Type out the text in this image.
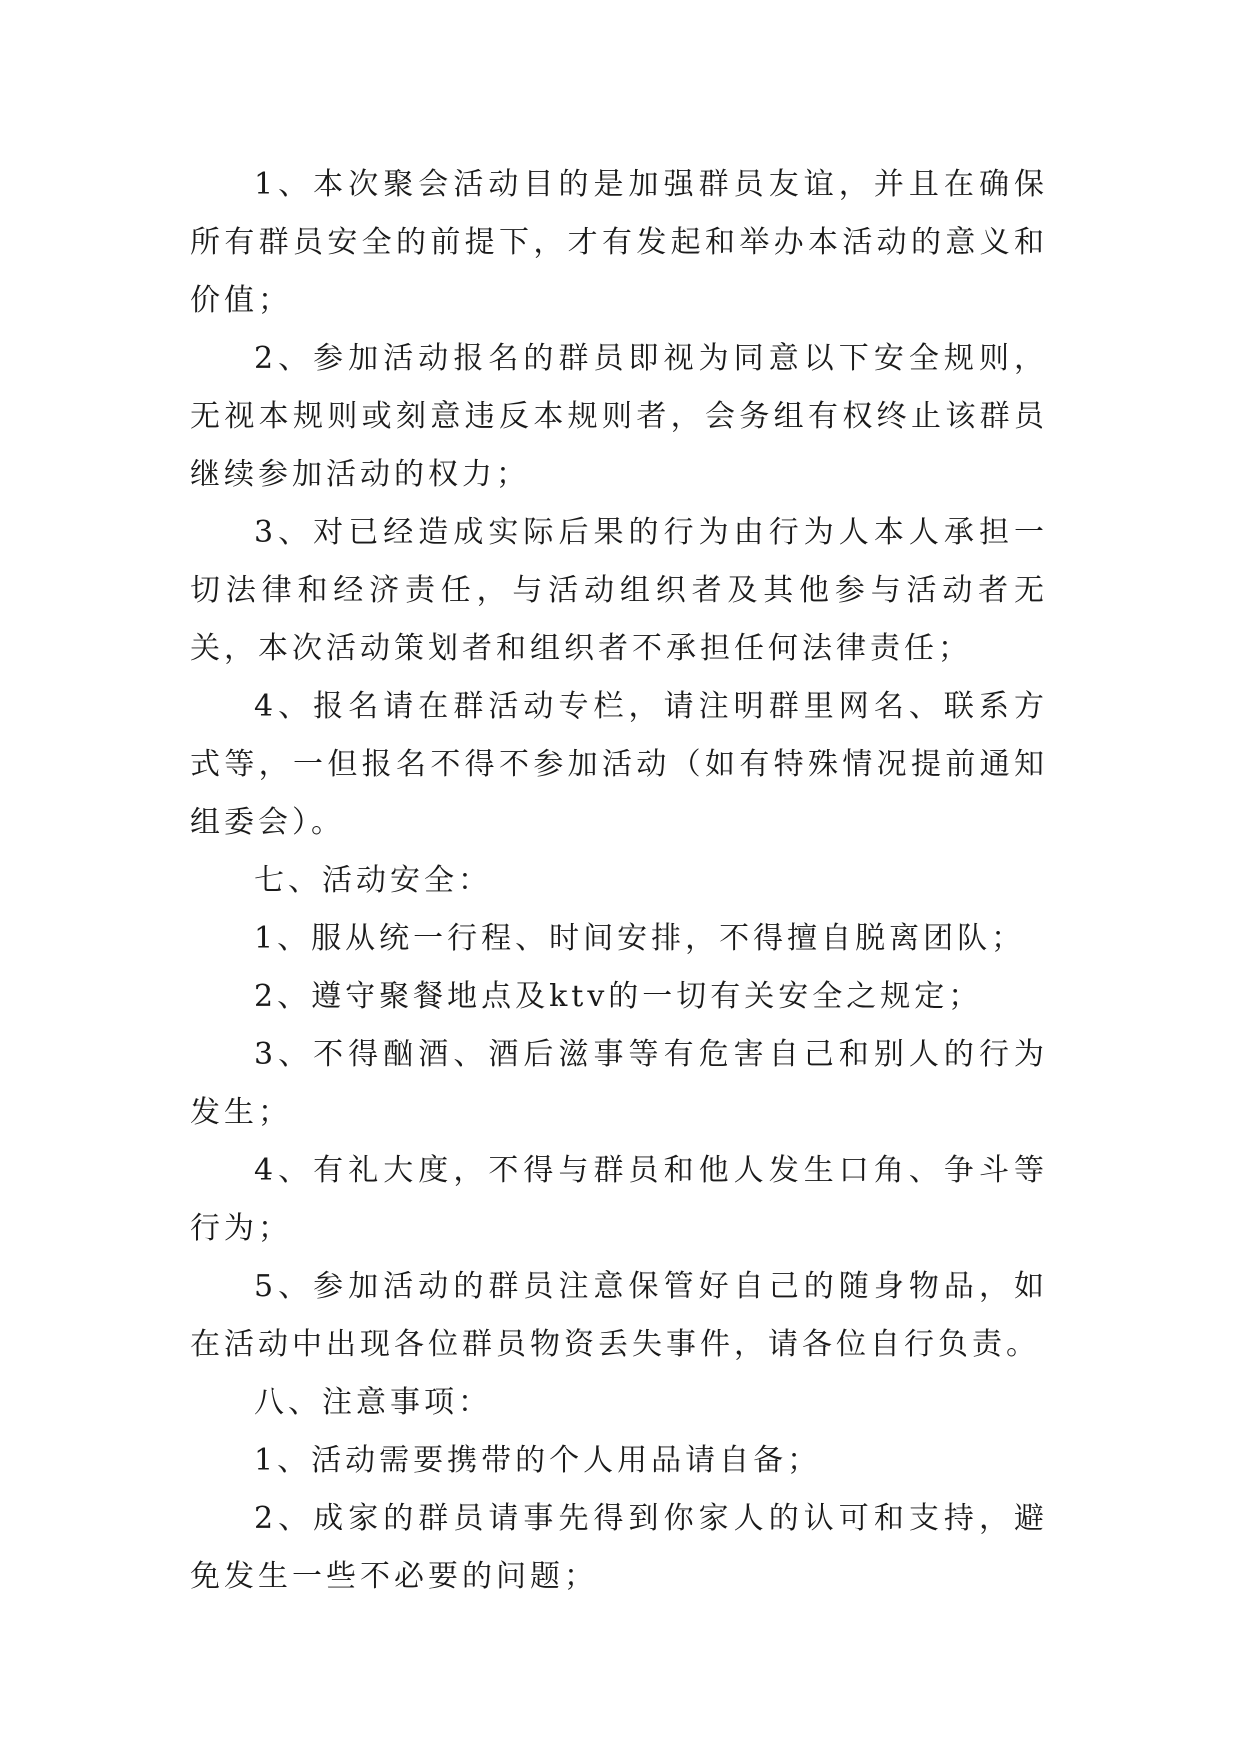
1、本次聚会活动目的是加强群员友谊，并且在确保所有群员安全的前提下，才有发起和举办本活动的意义和价值；

2、参加活动报名的群员即视为同意以下安全规则，无视本规则或刻意违反本规则者，会务组有权终止该群员继续参加活动的权力；

3、对已经造成实际后果的行为由行为人本人承担一切法律和经济责任，与活动组织者及其他参与活动者无关，本次活动策划者和组织者不承担任何法律责任；

4、报名请在群活动专栏，请注明群里网名、联系方式等，一但报名不得不参加活动（如有特殊情况提前通知组委会）。

七、活动安全：

1、服从统一行程、时间安排，不得擅自脱离团队；

2、遵守聚餐地点及ktv的一切有关安全之规定；

3、不得酗酒、酒后滋事等有危害自己和别人的行为发生；

4、有礼大度，不得与群员和他人发生口角、争斗等行为；

5、参加活动的群员注意保管好自己的随身物品，如在活动中出现各位群员物资丢失事件，请各位自行负责。

八、注意事项：

1、活动需要携带的个人用品请自备；

2、成家的群员请事先得到你家人的认可和支持，避免发生一些不必要的问题；
